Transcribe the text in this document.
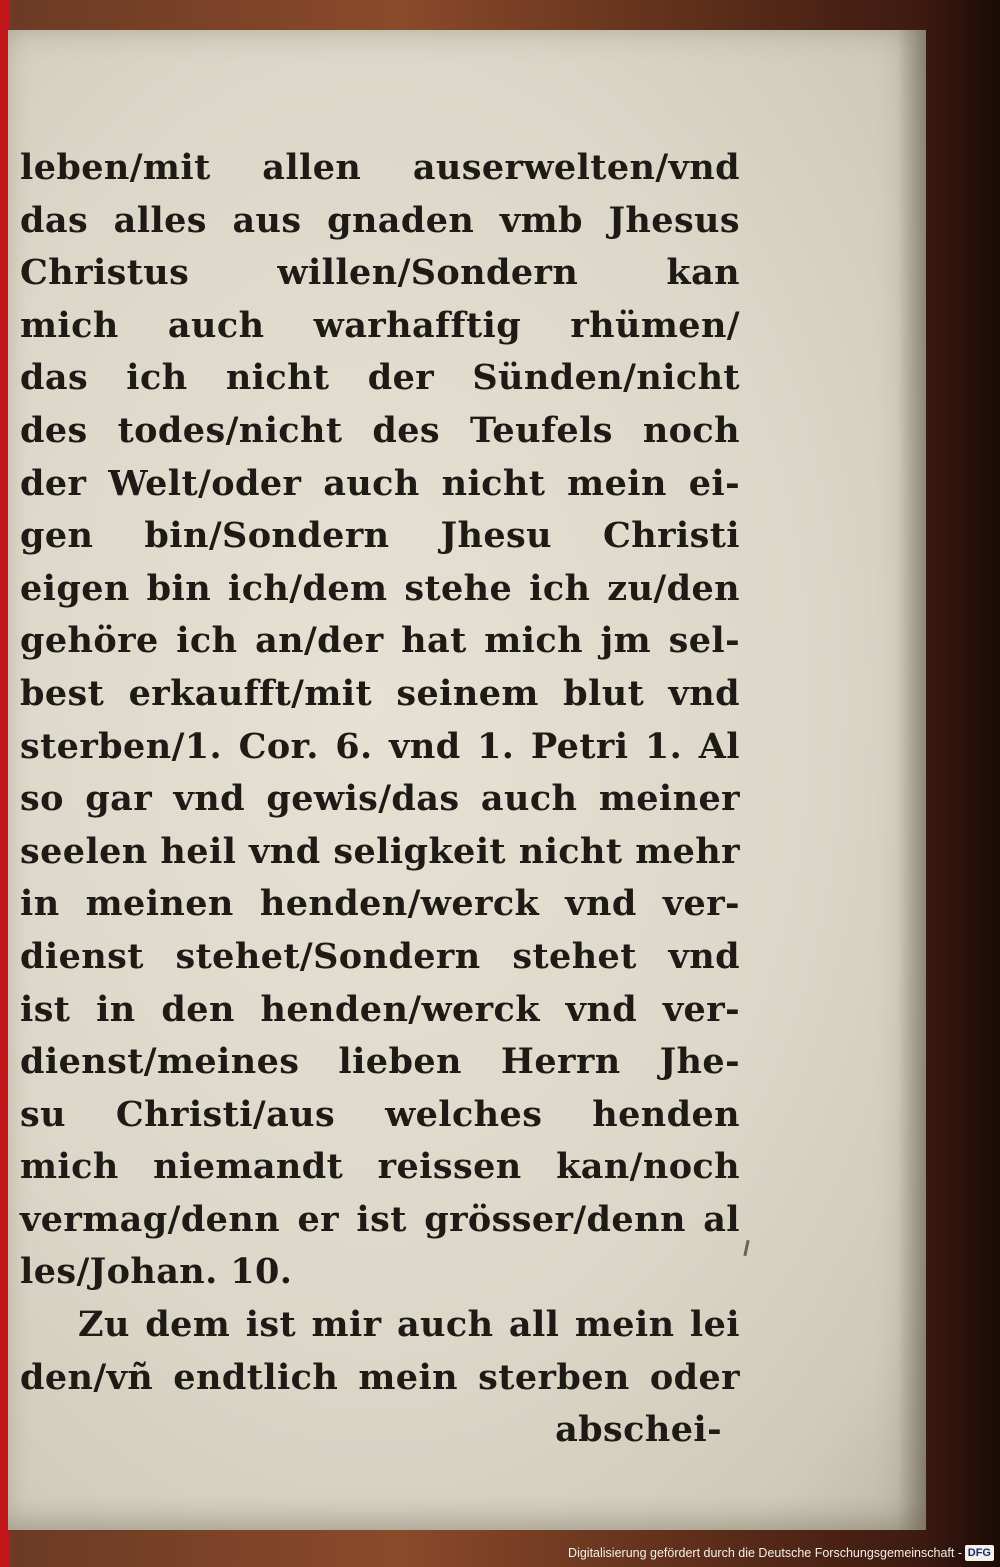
leben/mit allen auserwelten/vnd
das alles aus gnaden vmb Jhesus
Christus willen/Sondern kan
mich auch warhafftig rhümen/
das ich nicht der Sünden/nicht
des todes/nicht des Teufels noch
der Welt/oder auch nicht mein ei-
gen bin/Sondern Jhesu Christi
eigen bin ich/dem stehe ich zu/den
gehöre ich an/der hat mich jm sel-
best erkaufft/mit seinem blut vnd
sterben/1. Cor. 6. vnd 1. Petri 1. Al
so gar vnd gewis/das auch meiner
seelen heil vnd seligkeit nicht mehr
in meinen henden/werck vnd ver-
dienst stehet/Sondern stehet vnd
ist in den henden/werck vnd ver-
dienst/meines lieben Herrn Jhe-
su Christi/aus welches henden
mich niemandt reissen kan/noch
vermag/denn er ist grösser/denn al
les/Johan. 10.
Zu dem ist mir auch all mein lei
den/vñ endtlich mein sterben oder
abschei-
Digitalisierung gefördert durch die Deutsche Forschungsgemeinschaft - DFG
